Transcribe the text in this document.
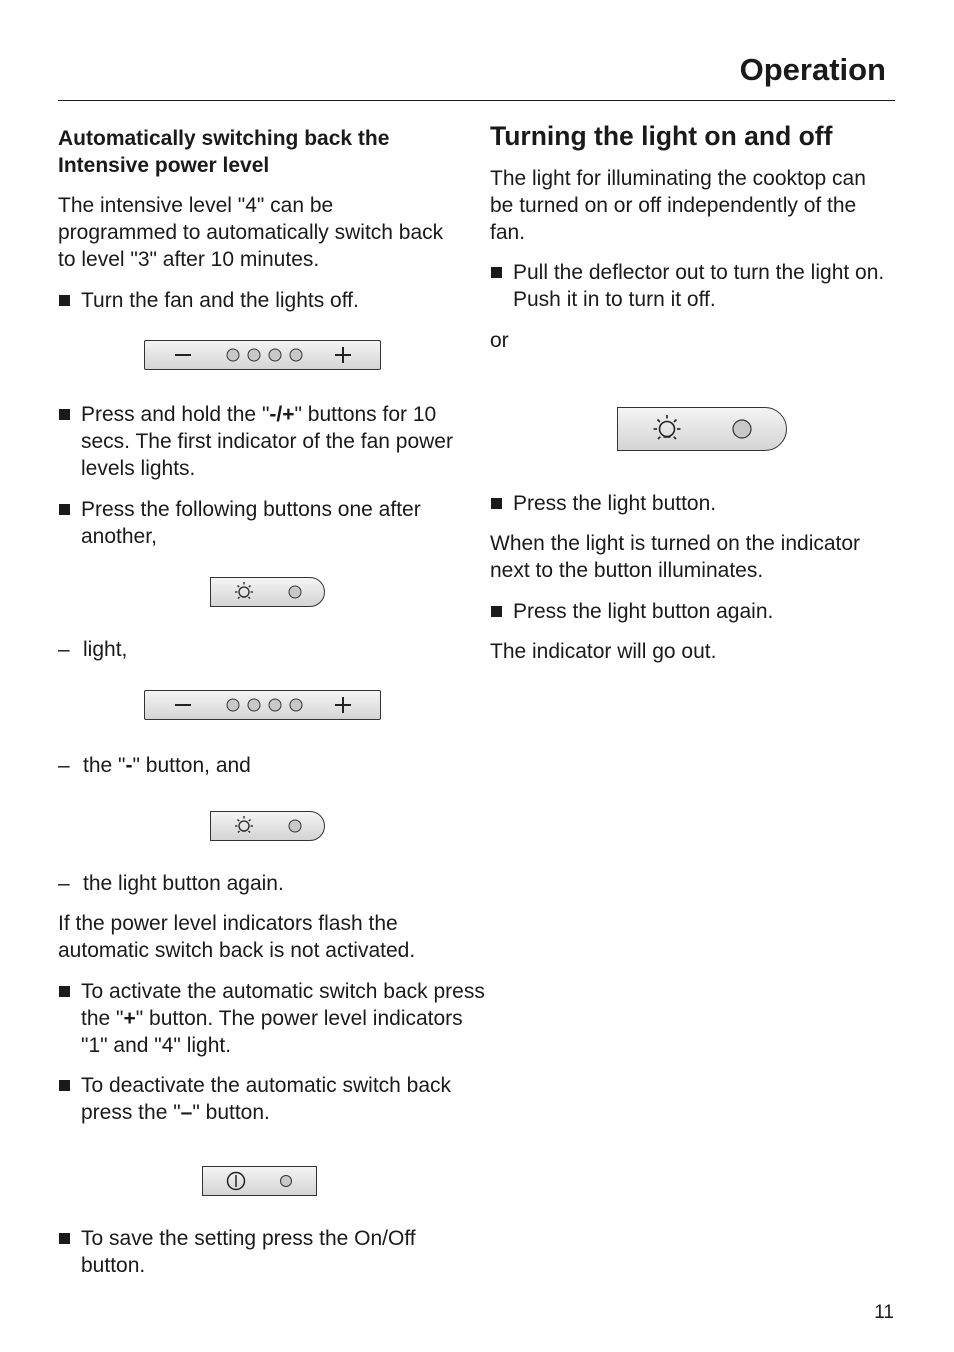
Operation
Automatically switching back the Intensive power level

The intensive level "4" can be programmed to automatically switch back to level "3" after 10 minutes.

Turn the fan and the lights off.
Press and hold the "-/+" buttons for 10 secs. The first indicator of the fan power levels lights.
Press the following buttons one after another,
– light,
– the "-" button, and
– the light button again.

If the power level indicators flash the automatic switch back is not activated.

To activate the automatic switch back press the "+" button. The power level indicators "1" and "4" light.
To deactivate the automatic switch back press the "–" button.
To save the setting press the On/Off button.
Turning the light on and off

The light for illuminating the cooktop can be turned on or off independently of the fan.

Pull the deflector out to turn the light on. Push it in to turn it off.

or

Press the light button.

When the light is turned on the indicator next to the button illuminates.

Press the light button again.

The indicator will go out.

11
